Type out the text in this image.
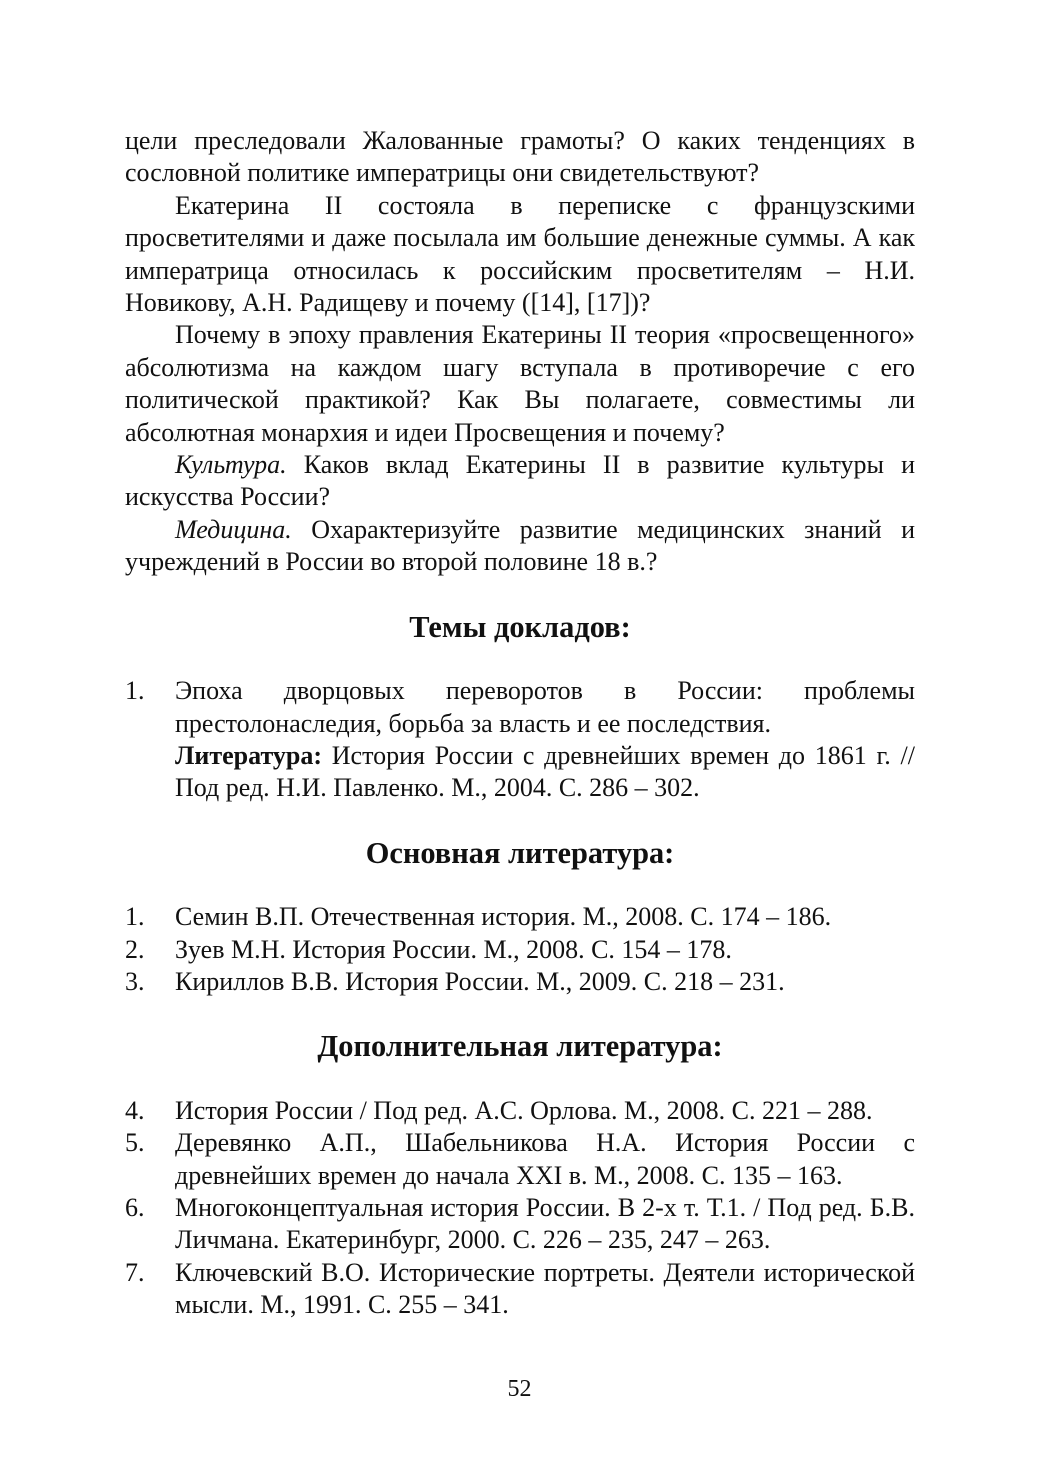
цели преследовали Жалованные грамоты? О каких тенденциях в сословной политике императрицы они свидетельствуют?

Екатерина II состояла в переписке с французскими просветителями и даже посылала им большие денежные суммы. А как императрица относилась к российским просветителям – Н.И. Новикову, А.Н. Радищеву и почему ([14], [17])?

Почему в эпоху правления Екатерины II теория «просвещенного» абсолютизма на каждом шагу вступала в противоречие с его политической практикой? Как Вы полагаете, совместимы ли абсолютная монархия и идеи Просвещения и почему?

Культура. Каков вклад Екатерины II в развитие культуры и искусства России?

Медицина. Охарактеризуйте развитие медицинских знаний и учреждений в России во второй половине 18 в.?

Темы докладов:
1.	Эпоха дворцовых переворотов в России: проблемы престолонаследия, борьба за власть и ее последствия.
Литература: История России с древнейших времен до 1861 г. // Под ред. Н.И. Павленко. М., 2004. С. 286 – 302.
Основная литература:
1.	Семин В.П. Отечественная история. М., 2008. С. 174 – 186.
2.	Зуев М.Н. История России. М., 2008. С. 154 – 178.
3.	Кириллов В.В. История России. М., 2009. С. 218 – 231.
Дополнительная литература:
4.	История России / Под ред. А.С. Орлова. М., 2008. С. 221 – 288.
5.	Деревянко А.П., Шабельникова Н.А. История России с древнейших времен до начала XXI в. М., 2008. С. 135 – 163.
6.	Многоконцептуальная история России. В 2-х т. Т.1. / Под ред. Б.В. Личмана. Екатеринбург, 2000. С. 226 – 235, 247 – 263.
7.	Ключевский В.О. Исторические портреты. Деятели исторической мысли. М., 1991. С. 255 – 341.
52
